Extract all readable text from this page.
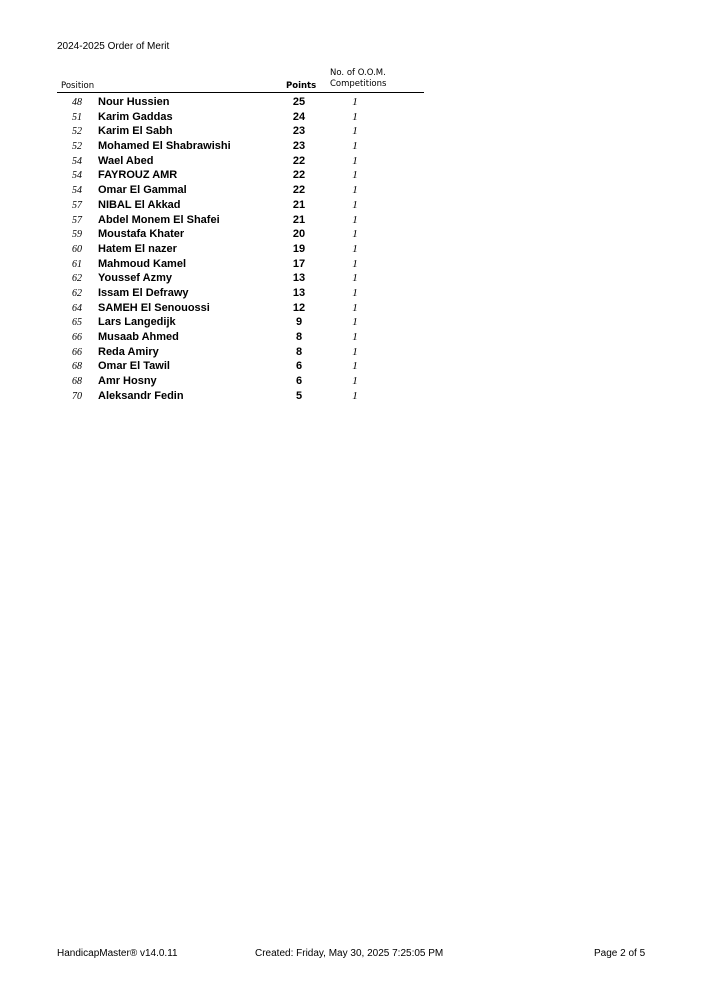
2024-2025 Order of Merit
Position	Points
No. of O.O.M.
Competitions
48 Nour Hussien	25	1
51 Karim Gaddas	24	1
52 Karim El Sabh	23	1
52 Mohamed El Shabrawishi	23	1
54 Wael Abed	22	1
54 FAYROUZ AMR	22	1
54 Omar El Gammal	22	1
57 NIBAL El Akkad	21	1
57 Abdel Monem El Shafei	21	1
59 Moustafa Khater	20	1
60 Hatem El nazer	19	1
61 Mahmoud Kamel	17	1
62 Youssef Azmy	13	1
62 Issam El Defrawy	13	1
64 SAMEH El Senouossi	12	1
65 Lars Langedijk	9	1
66 Musaab Ahmed	8	1
66 Reda Amiry	8	1
68 Omar El Tawil	6	1
68 Amr Hosny	6	1
70 Aleksandr Fedin	5	1
HandicapMaster® v14.0.11	Created: Friday, May 30, 2025 7:25:05 PM	Page 2 of 5
